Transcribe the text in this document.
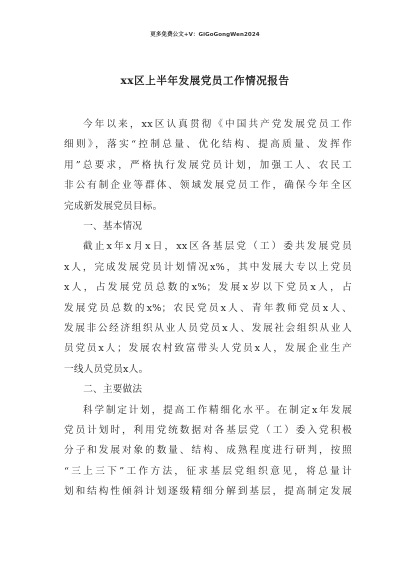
更多免费公文+V：GiGoGongWen2024
xx区上半年发展党员工作情况报告
今年以来，xx区认真贯彻《中国共产党发展党员工作
细则》，落实“控制总量、优化结构、提高质量、发挥作
用”总要求，严格执行发展党员计划，加强工人、农民工
非公有制企业等群体、领域发展党员工作，确保今年全区
完成新发展党员目标。
一、基本情况
截止x年x月x日，xx区各基层党（工）委共发展党员
x人，完成发展党员计划情况x%，其中发展大专以上党员
x人，占发展党员总数的x%；发展x岁以下党员x人，占
发展党员总数的x%；农民党员x人、青年教师党员x人、
发展非公经济组织从业人员党员x人、发展社会组织从业人
员党员x人；发展农村致富带头人党员x人，发展企业生产
一线人员党员x人。
二、主要做法
科学制定计划，提高工作精细化水平。在制定x年发展
党员计划时，利用党统数据对各基层党（工）委入党积极
分子和发展对象的数量、结构、成熟程度进行研判，按照
“三上三下”工作方法，征求基层党组织意见，将总量计
划和结构性倾斜计划逐级精细分解到基层，提高制定发展
